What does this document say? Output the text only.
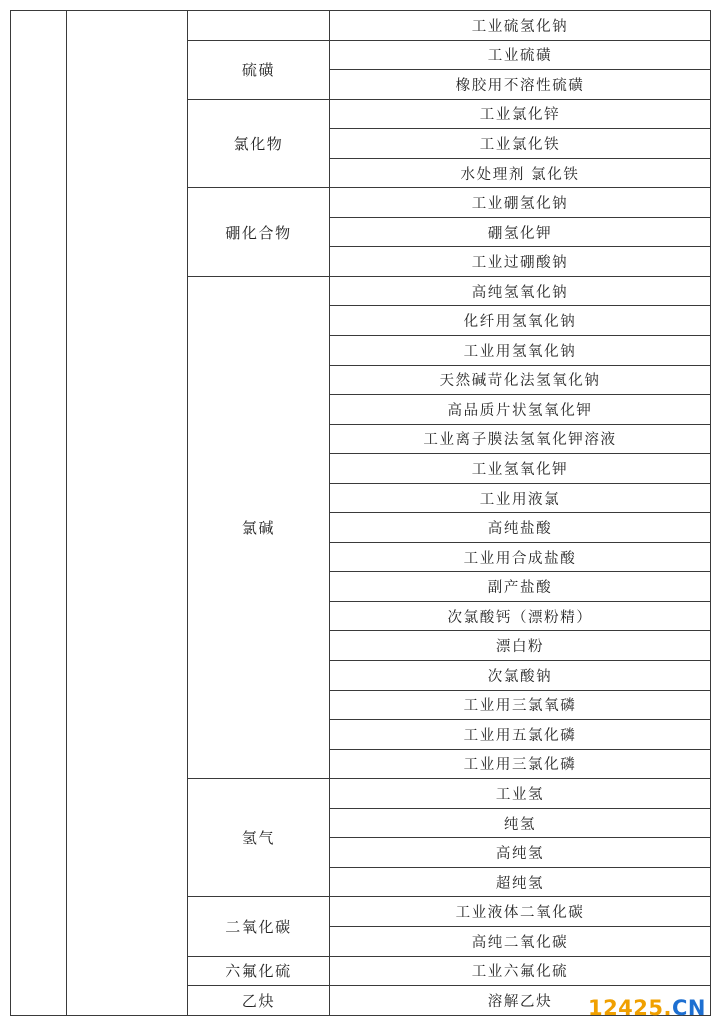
			工业硫氢化钠
		硫磺	工业硫磺
			橡胶用不溶性硫磺
		氯化物	工业氯化锌
			工业氯化铁
			水处理剂 氯化铁
		硼化合物	工业硼氢化钠
			硼氢化钾
			工业过硼酸钠
		氯碱	高纯氢氧化钠
			化纤用氢氧化钠
			工业用氢氧化钠
			天然碱苛化法氢氧化钠
			高品质片状氢氧化钾
			工业离子膜法氢氧化钾溶液
			工业氢氧化钾
			工业用液氯
			高纯盐酸
			工业用合成盐酸
			副产盐酸
			次氯酸钙（漂粉精）
			漂白粉
			次氯酸钠
			工业用三氯氧磷
			工业用五氯化磷
			工业用三氯化磷
		氢气	工业氢
			纯氢
			高纯氢
			超纯氢
		二氧化碳	工业液体二氧化碳
			高纯二氧化碳
		六氟化硫	工业六氟化硫
		乙炔	溶解乙炔 12425.CN
